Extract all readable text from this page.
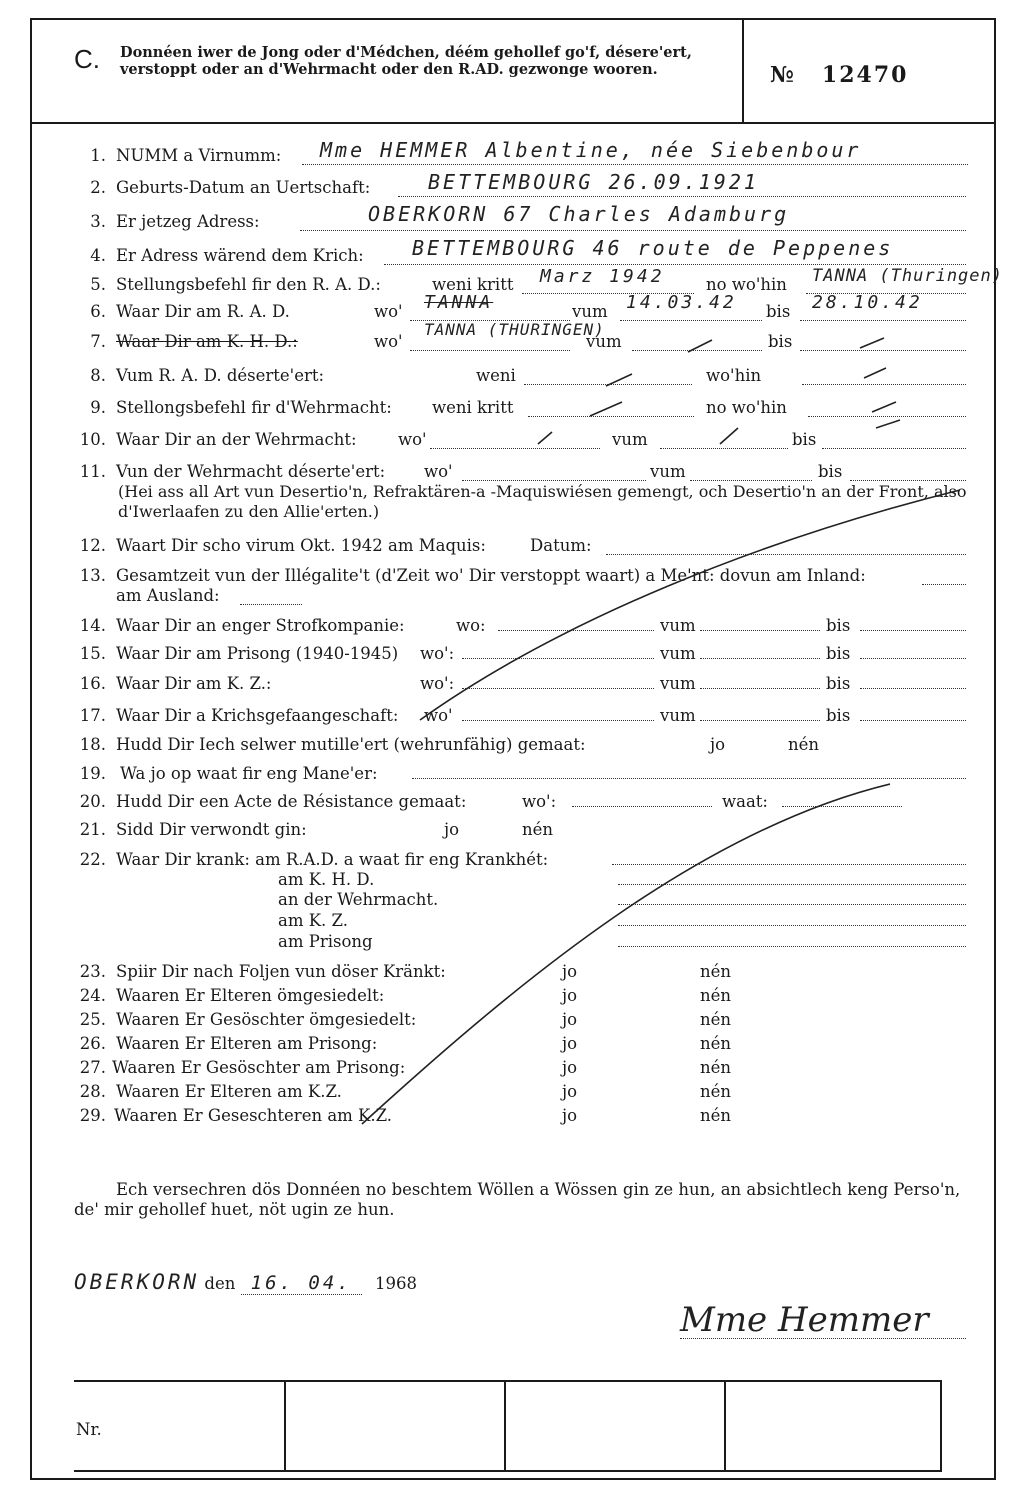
C. Donnéen iwer de Jong oder d'Médchen, déém gehollef go'f, désere'ert, verstoppt oder an d'Wehrmacht oder den R.AD. gezwonge wooren.	№ 12470
1. NUMM a Virnumm: Mme HEMMER Albentine, née Siebenbour
2. Geburts-Datum an Uertschaft:	BETTEMBOURG 26.09.1921
3. Er jetzeg Adress:	OBERKORN 67 Charles Adamburg
4. Er Adress wärend dem Krich: BETTEMBOURG 46 route de Peppenes
5. Stellungsbefehl fir den R. A. D.:	weni kritt Marz 1942	no wo'hin TANNA (Thuringen)
6. Waar Dir am R. A. D.	wo' TANNA	vum 14.03.42 bis 28.10.42
7. Waar Dir am K. H. D.:	wo'
TANNA (THURINGEN)
vum	bis
8. Vum R. A. D. déserte'ert:	weni	wo'hin
9. Stellongsbefehl fir d'Wehrmacht: weni kritt	no wo'hin
10. Waar Dir an der Wehrmacht:	wo'	vum	bis
11. Vun der Wehrmacht déserte'ert: wo'	vum	bis
(Hei ass all Art vun Desertio'n, Refraktären-a -Maquiswiésen gemengt, och Desertio'n an der Front, also d'Iwerlaafen zu den Allie'erten.)
12. Waart Dir scho virum Okt. 1942 am Maquis:	Datum:
13. Gesamtzeit vun der Illégalite't (d'Zeit wo' Dir verstoppt waart) a Me'nt: dovun am Inland:
am Ausland:
14. Waar Dir an enger Strofkompanie:	wo:	vum	bis
15. Waar Dir am Prisong (1940-1945) wo':	vum	bis
16. Waar Dir am K. Z.:	wo':	vum	bis
17. Waar Dir a Krichsgefaangeschaft: wo'	vum	bis
18. Hudd Dir Iech selwer mutille'ert (wehrunfähig) gemaat:	jo	nén
19. Wa jo op waat fir eng Mane'er:
20. Hudd Dir een Acte de Résistance gemaat:	wo':	waat:
21. Sidd Dir verwondt gin:	jo	nén
22. Waar Dir krank: am R.A.D. a waat fir eng Krankhét:
am K. H. D.
an der Wehrmacht.
am K. Z.
am Prisong
23. Spiir Dir nach Foljen vun döser Kränkt:	jo	nén
24. Waaren Er Elteren ömgesiedelt:	jo	nén
25. Waaren Er Gesöschter ömgesiedelt:	jo	nén
26. Waaren Er Elteren am Prisong:	jo	nén
27. Waaren Er Gesöschter am Prisong:	jo	nén
28. Waaren Er Elteren am K.Z.	jo	nén
29. Waaren Er Geseschteren am K.Z.	jo	nén
Ech versechren dös Donnéen no beschtem Wöllen a Wössen gin ze hun, an absichtlech keng Perso'n, de' mir gehollef huet, nöt ugin ze hun.
OBERKORN den 16. 04. 1968
Mme Hemmer
Nr.
